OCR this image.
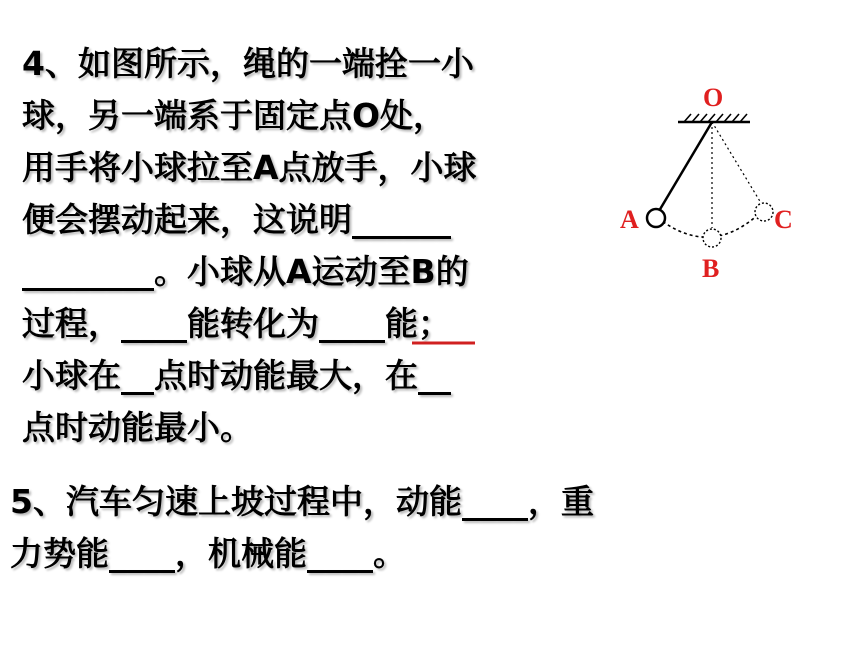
4、如图所示，绳的一端拴一小
球，另一端系于固定点O处，
用手将小球拉至A点放手，小球
便会摆动起来，这说明______
________。小球从A运动至B的
过程，____能转化为____能；
小球在__点时动能最大，在__
点时动能最小。
5、汽车匀速上坡过程中，动能____，重
力势能____，机械能____。
O
A
B
C
